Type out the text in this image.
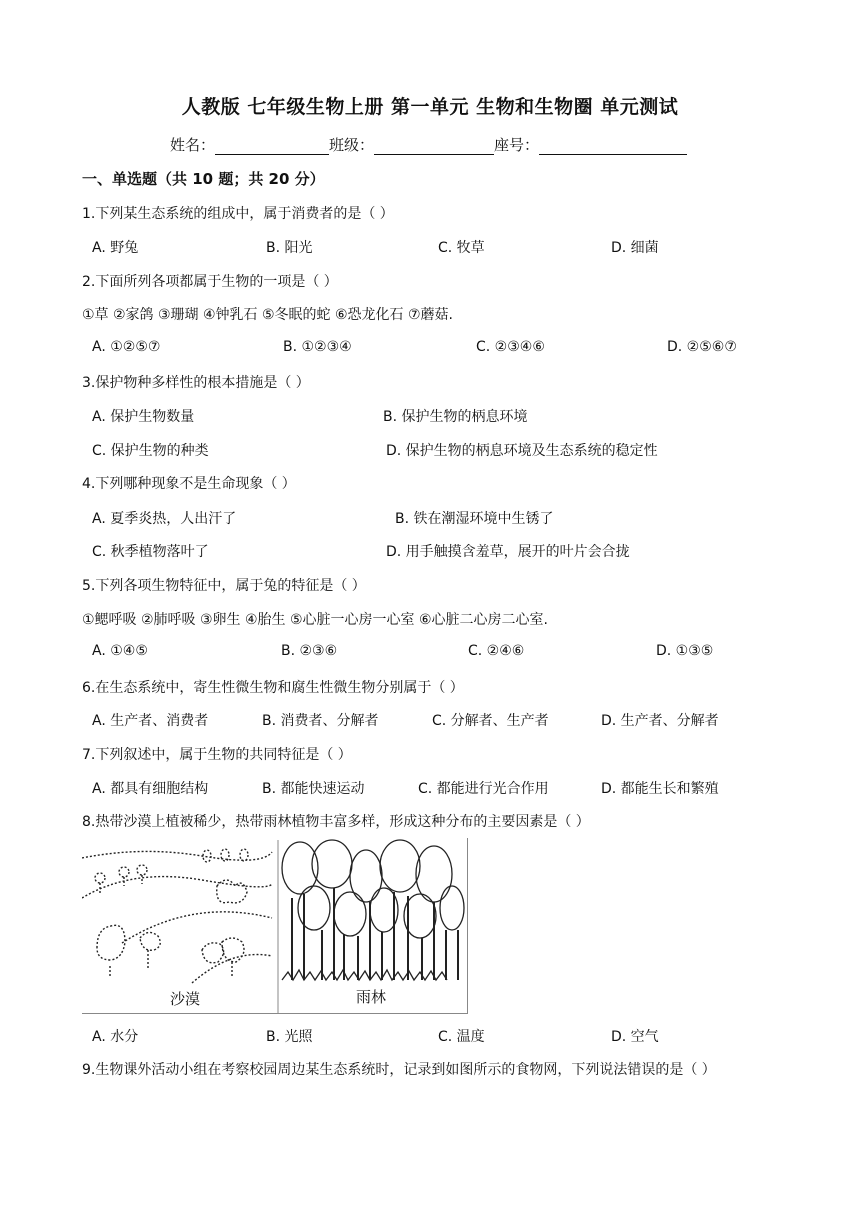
人教版 七年级生物上册 第一单元 生物和生物圈 单元测试
姓名：	班级：	座号：
一、单选题（共 10 题；共 20 分）
1.下列某生态系统的组成中，属于消费者的是（ ）
A. 野兔	B. 阳光	C. 牧草	D. 细菌
2.下面所列各项都属于生物的一项是（ ）
①草 ②家鸽 ③珊瑚 ④钟乳石 ⑤冬眠的蛇 ⑥恐龙化石 ⑦蘑菇.
A. ①②⑤⑦	B. ①②③④	C. ②③④⑥	D. ②⑤⑥⑦
3.保护物种多样性的根本措施是（ ）
A. 保护生物数量	B. 保护生物的柄息环境
C. 保护生物的种类	D. 保护生物的柄息环境及生态系统的稳定性
4.下列哪种现象不是生命现象（ ）
A. 夏季炎热，人出汗了	B. 铁在潮湿环境中生锈了
C. 秋季植物落叶了	D. 用手触摸含羞草，展开的叶片会合拢
5.下列各项生物特征中，属于兔的特征是（ ）
①鳃呼吸 ②肺呼吸 ③卵生 ④胎生 ⑤心脏一心房一心室 ⑥心脏二心房二心室.
A. ①④⑤	B. ②③⑥	C. ②④⑥	D. ①③⑤
6.在生态系统中，寄生性微生物和腐生性微生物分别属于（ ）
A. 生产者、消费者	B. 消费者、分解者	C. 分解者、生产者	D. 生产者、分解者
7.下列叙述中，属于生物的共同特征是（ ）
A. 都具有细胞结构	B. 都能快速运动	C. 都能进行光合作用	D. 都能生长和繁殖
8.热带沙漠上植被稀少，热带雨林植物丰富多样，形成这种分布的主要因素是（ ）
沙漠	雨林
A. 水分	B. 光照	C. 温度	D. 空气
9.生物课外活动小组在考察校园周边某生态系统时，记录到如图所示的食物网，下列说法错误的是（ ）
